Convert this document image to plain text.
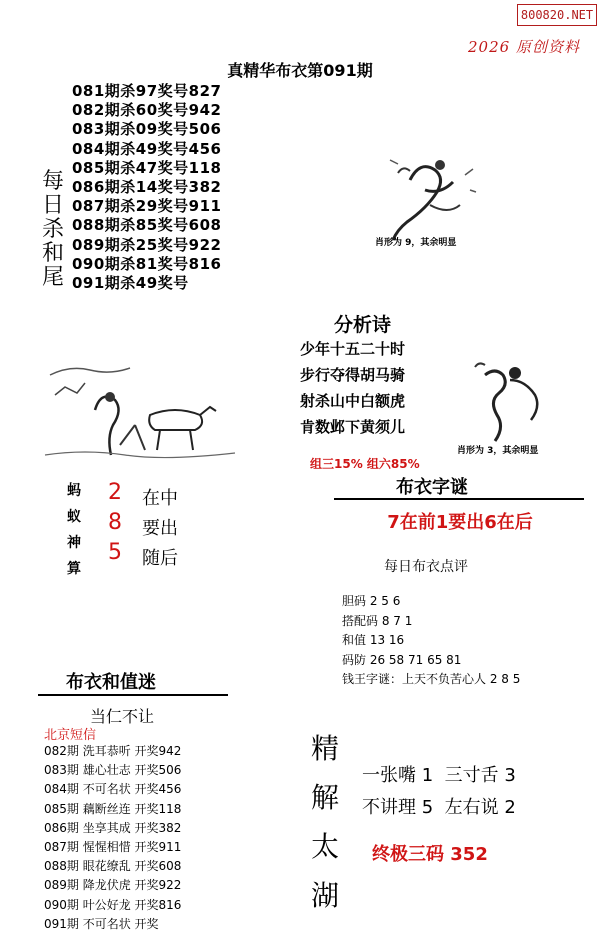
800820.NET
2026 原创资料
真精华布衣第091期
081期杀97奖号827
082期杀60奖号942
083期杀09奖号506
084期杀49奖号456
085期杀47奖号118
086期杀14奖号382
087期杀29奖号911
088期杀85奖号608
089期杀25奖号922
090期杀81奖号816
091期杀49奖号
每
日
杀
和
尾
肖形为 9，其余明显
肖形为 3，其余明显
分析诗
少年十五二十时
步行夺得胡马骑
射杀山中白额虎
肯数邺下黄须儿
组三15% 组六85%
蚂
蚁
神
算
2
8
5
在中
要出
随后
布衣字谜
7在前1要出6在后
每日布衣点评
胆码 2 5 6
搭配码 8 7 1
和值 13 16
码防 26 58 71 65 81
钱王字谜：上天不负苦心人 2 8 5
布衣和值迷
当仁不让
北京短信
082期 洗耳恭听 开奖942
083期 雄心壮志 开奖506
084期 不可名状 开奖456
085期 藕断丝连 开奖118
086期 坐享其成 开奖382
087期 惺惺相惜 开奖911
088期 眼花缭乱 开奖608
089期 降龙伏虎 开奖922
090期 叶公好龙 开奖816
091期 不可名状 开奖
精
解
太
湖
一张嘴 1  三寸舌 3
不讲理 5  左右说 2
终极三码 352
